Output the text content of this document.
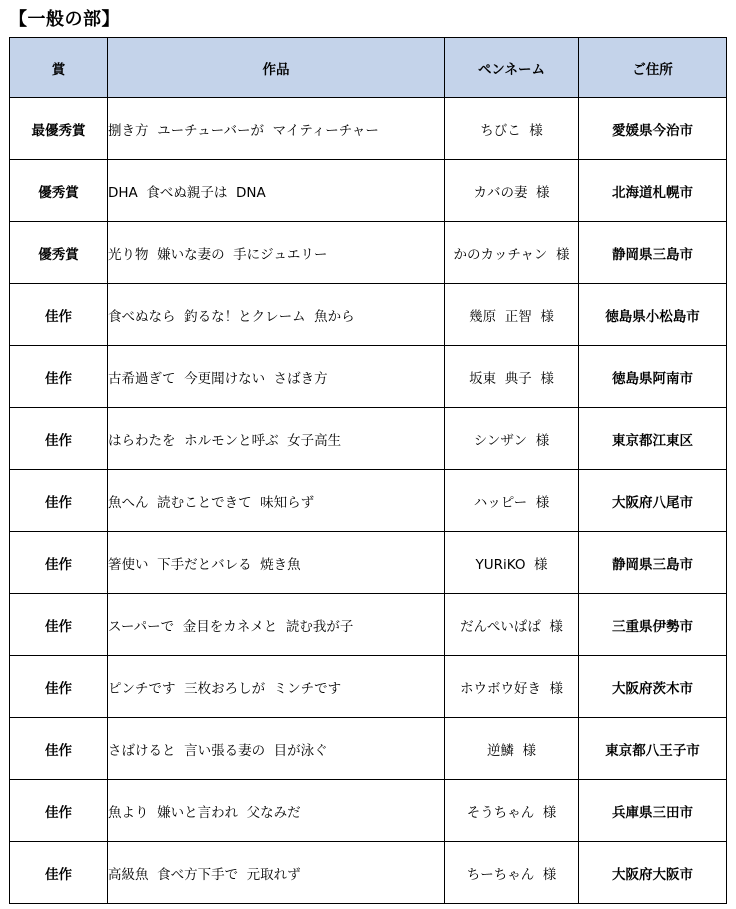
【一般の部】
賞	作品	ペンネーム	ご住所
最優秀賞	捌き方  ユーチューバーが  マイティーチャー	ちびこ  様	愛媛県今治市
優秀賞	DHA  食べぬ親子は  DNA	カバの妻  様	北海道札幌市
優秀賞	光り物  嫌いな妻の  手にジュエリー	かのカッチャン  様	静岡県三島市
佳作	食べぬなら  釣るな！とクレーム  魚から	幾原  正智  様	徳島県小松島市
佳作	古希過ぎて  今更聞けない  さばき方	坂東  典子  様	徳島県阿南市
佳作	はらわたを  ホルモンと呼ぶ  女子高生	シンザン  様	東京都江東区
佳作	魚へん  読むことできて  味知らず	ハッピー  様	大阪府八尾市
佳作	箸使い  下手だとバレる  焼き魚	YURiKO  様	静岡県三島市
佳作	スーパーで  金目をカネメと  読む我が子	だんぺいぱぱ  様	三重県伊勢市
佳作	ピンチです  三枚おろしが  ミンチです	ホウボウ好き  様	大阪府茨木市
佳作	さばけると  言い張る妻の  目が泳ぐ	逆鱗  様	東京都八王子市
佳作	魚より  嫌いと言われ  父なみだ	そうちゃん  様	兵庫県三田市
佳作	高級魚  食べ方下手で  元取れず	ちーちゃん  様	大阪府大阪市
